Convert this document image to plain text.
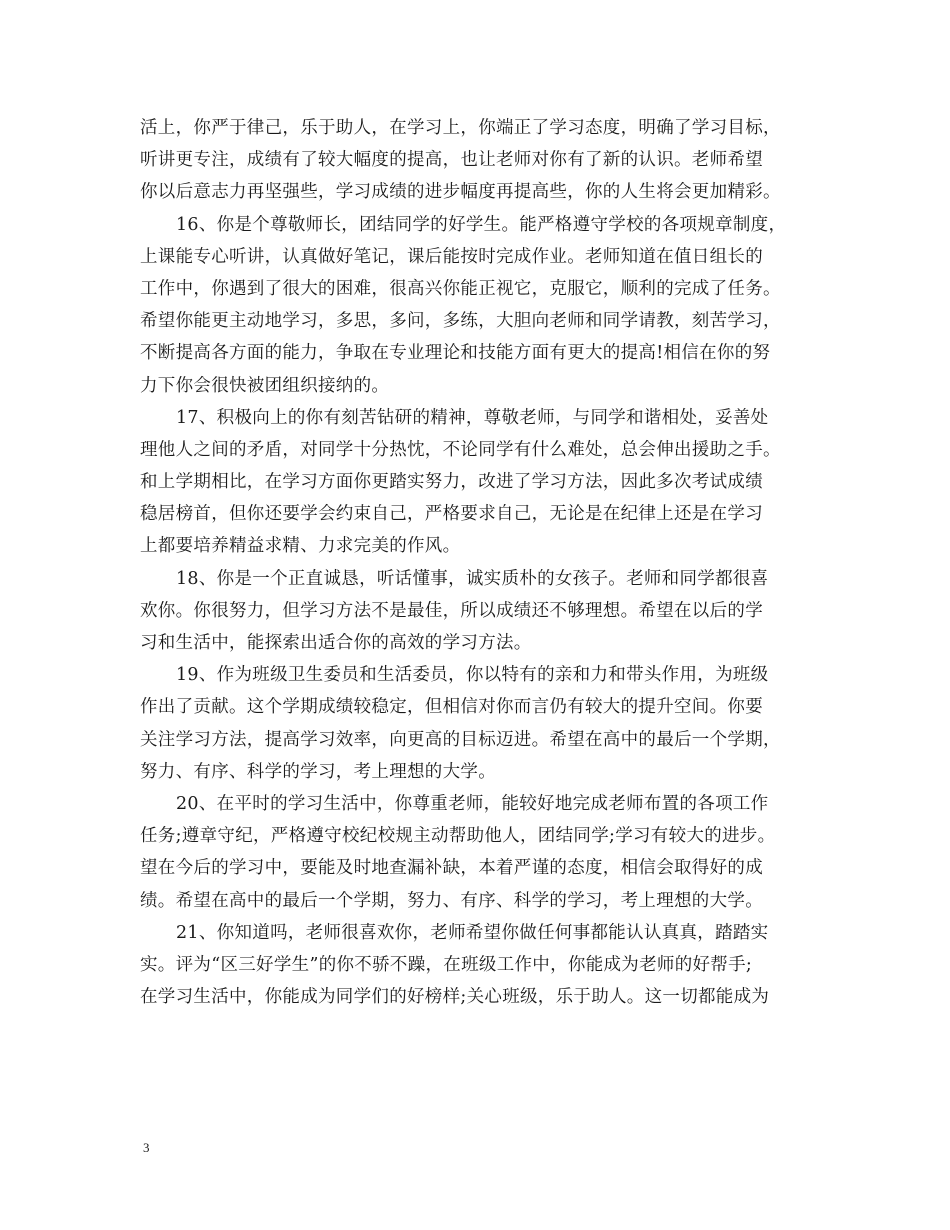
活上，你严于律己，乐于助人，在学习上，你端正了学习态度，明确了学习目标，
听讲更专注，成绩有了较大幅度的提高，也让老师对你有了新的认识。老师希望
你以后意志力再坚强些，学习成绩的进步幅度再提高些，你的人生将会更加精彩。
16、你是个尊敬师长，团结同学的好学生。能严格遵守学校的各项规章制度，
上课能专心听讲，认真做好笔记，课后能按时完成作业。老师知道在值日组长的
工作中，你遇到了很大的困难，很高兴你能正视它，克服它，顺利的完成了任务。
希望你能更主动地学习，多思，多问，多练，大胆向老师和同学请教，刻苦学习，
不断提高各方面的能力，争取在专业理论和技能方面有更大的提高!相信在你的努
力下你会很快被团组织接纳的。
17、积极向上的你有刻苦钻研的精神，尊敬老师，与同学和谐相处，妥善处
理他人之间的矛盾，对同学十分热忱，不论同学有什么难处，总会伸出援助之手。
和上学期相比，在学习方面你更踏实努力，改进了学习方法，因此多次考试成绩
稳居榜首，但你还要学会约束自己，严格要求自己，无论是在纪律上还是在学习
上都要培养精益求精、力求完美的作风。
18、你是一个正直诚恳，听话懂事，诚实质朴的女孩子。老师和同学都很喜
欢你。你很努力，但学习方法不是最佳，所以成绩还不够理想。希望在以后的学
习和生活中，能探索出适合你的高效的学习方法。
19、作为班级卫生委员和生活委员，你以特有的亲和力和带头作用，为班级
作出了贡献。这个学期成绩较稳定，但相信对你而言仍有较大的提升空间。你要
关注学习方法，提高学习效率，向更高的目标迈进。希望在高中的最后一个学期，
努力、有序、科学的学习，考上理想的大学。
20、在平时的学习生活中，你尊重老师，能较好地完成老师布置的各项工作
任务;遵章守纪，严格遵守校纪校规主动帮助他人，团结同学;学习有较大的进步。
望在今后的学习中，要能及时地查漏补缺，本着严谨的态度，相信会取得好的成
绩。希望在高中的最后一个学期，努力、有序、科学的学习，考上理想的大学。
21、你知道吗，老师很喜欢你，老师希望你做任何事都能认认真真，踏踏实
实。评为“区三好学生”的你不骄不躁，在班级工作中，你能成为老师的好帮手;
在学习生活中，你能成为同学们的好榜样;关心班级，乐于助人。这一切都能成为
3
